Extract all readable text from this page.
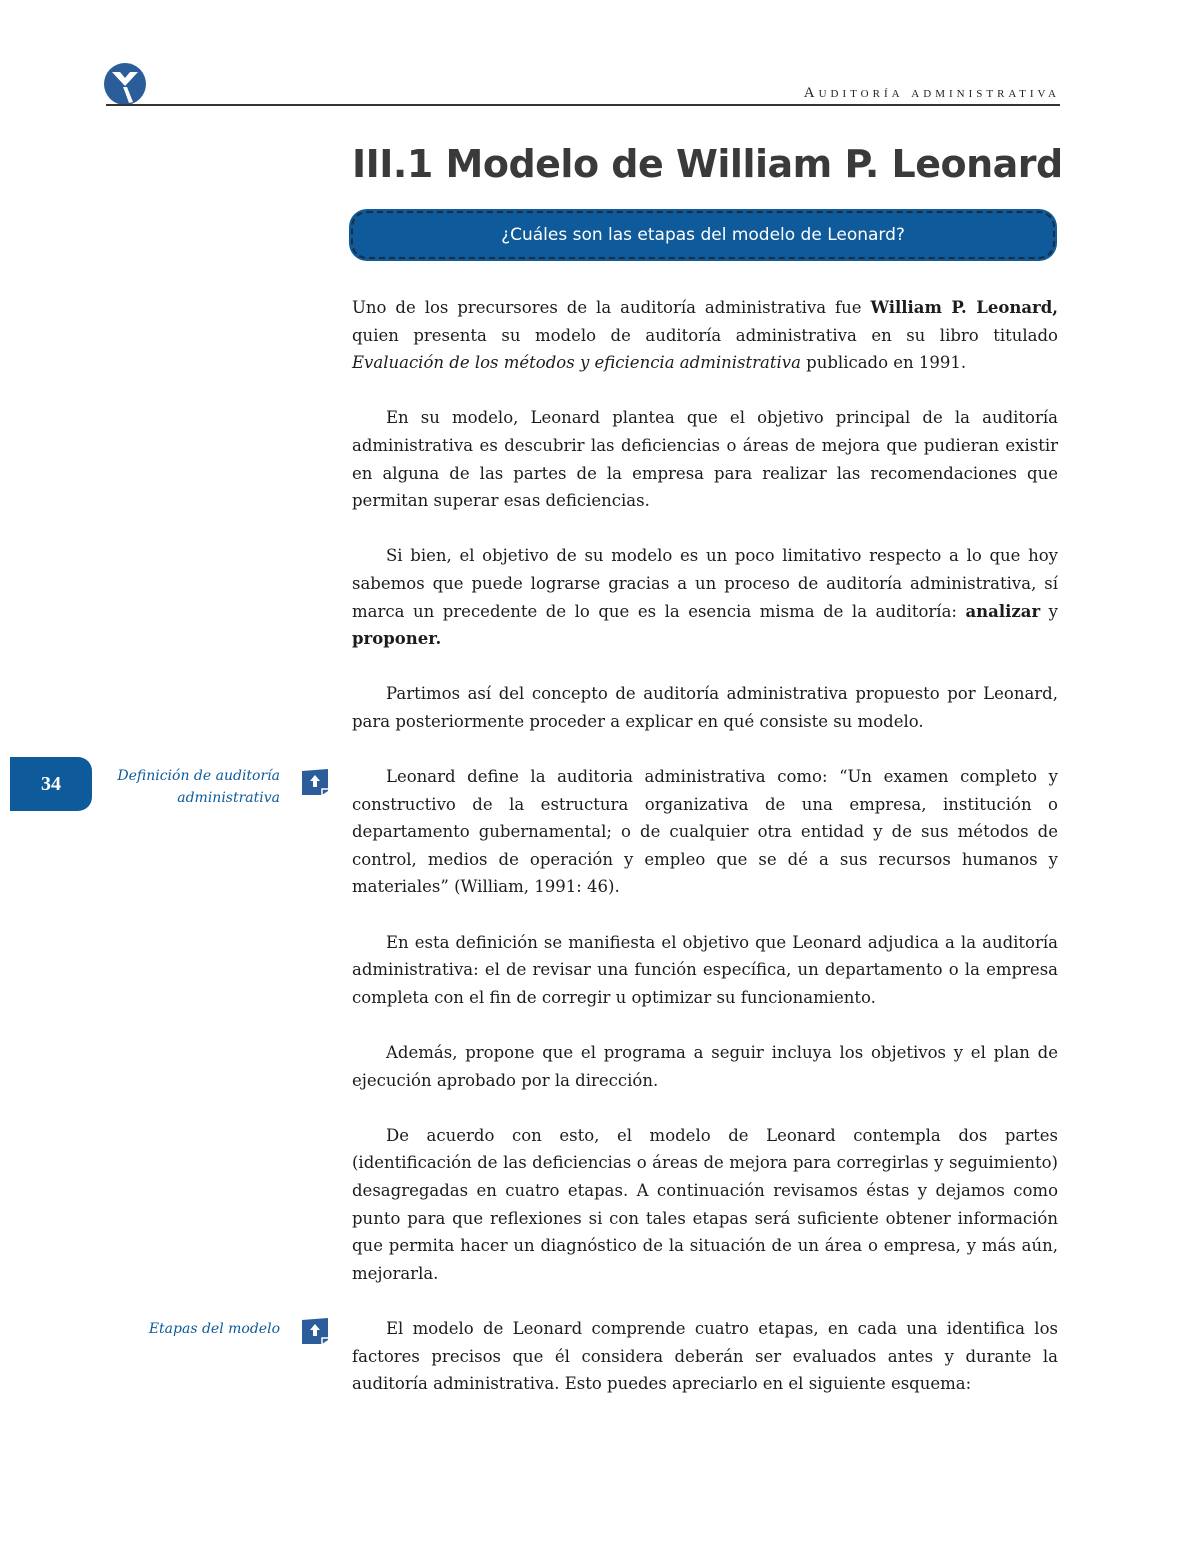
Auditoría administrativa
III.1 Modelo de William P. Leonard
¿Cuáles son las etapas del modelo de Leonard?
34	Definición de auditoría
administrativa
Etapas del modelo

Uno de los precursores de la auditoría administrativa fue William P. Leonard, quien presenta su modelo de auditoría administrativa en su libro titulado Evaluación de los métodos y eficiencia administrativa publicado en 1991.

En su modelo, Leonard plantea que el objetivo principal de la auditoría administrativa es descubrir las deficiencias o áreas de mejora que pudieran existir en alguna de las partes de la empresa para realizar las recomendaciones que permitan superar esas deficiencias.

Si bien, el objetivo de su modelo es un poco limitativo respecto a lo que hoy sabemos que puede lograrse gracias a un proceso de auditoría administrativa, sí marca un precedente de lo que es la esencia misma de la auditoría: analizar y proponer.

Partimos así del concepto de auditoría administrativa propuesto por Leonard, para posteriormente proceder a explicar en qué consiste su modelo.

Leonard define la auditoria administrativa como: “Un examen completo y constructivo de la estructura organizativa de una empresa, institución o departamento gubernamental; o de cualquier otra entidad y de sus métodos de control, medios de operación y empleo que se dé a sus recursos humanos y materiales” (William, 1991: 46).

En esta definición se manifiesta el objetivo que Leonard adjudica a la auditoría administrativa: el de revisar una función específica, un departamento o la empresa completa con el fin de corregir u optimizar su funcionamiento.

Además, propone que el programa a seguir incluya los objetivos y el plan de ejecución aprobado por la dirección.

De acuerdo con esto, el modelo de Leonard contempla dos partes (identificación de las deficiencias o áreas de mejora para corregirlas y seguimiento) desagregadas en cuatro etapas. A continuación revisamos éstas y dejamos como punto para que reflexiones si con tales etapas será suficiente obtener información que permita hacer un diagnóstico de la situación de un área o empresa, y más aún, mejorarla.

El modelo de Leonard comprende cuatro etapas, en cada una identifica los factores precisos que él considera deberán ser evaluados antes y durante la auditoría administrativa. Esto puedes apreciarlo en el siguiente esquema:
